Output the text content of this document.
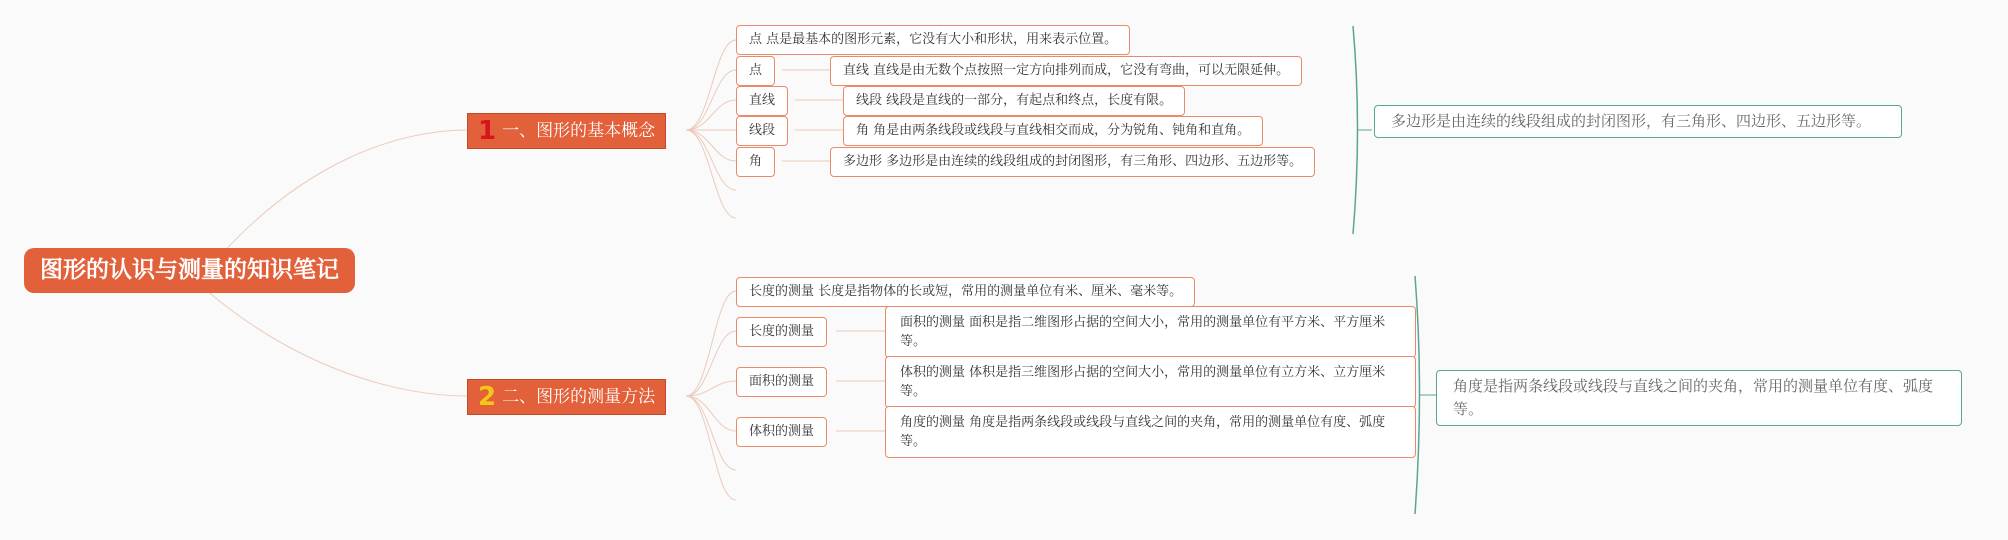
图形的认识与测量的知识笔记
1 一、图形的基本概念
点 点是最基本的图形元素，它没有大小和形状，用来表示位置。
点	直线 直线是由无数个点按照一定方向排列而成，它没有弯曲，可以无限延伸。
直线	线段 线段是直线的一部分，有起点和终点，长度有限。
线段	角 角是由两条线段或线段与直线相交而成，分为锐角、钝角和直角。
角	多边形 多边形是由连续的线段组成的封闭图形，有三角形、四边形、五边形等。
多边形是由连续的线段组成的封闭图形，有三角形、四边形、五边形等。
2 二、图形的测量方法
长度的测量 长度是指物体的长或短，常用的测量单位有米、厘米、毫米等。
长度的测量
面积的测量 面积是指二维图形占据的空间大小，常用的测量单位有平方米、平方厘米等。
面积的测量
体积的测量 体积是指三维图形占据的空间大小，常用的测量单位有立方米、立方厘米等。
体积的测量
角度的测量 角度是指两条线段或线段与直线之间的夹角，常用的测量单位有度、弧度等。
角度是指两条线段或线段与直线之间的夹角，常用的测量单位有度、弧度等。
